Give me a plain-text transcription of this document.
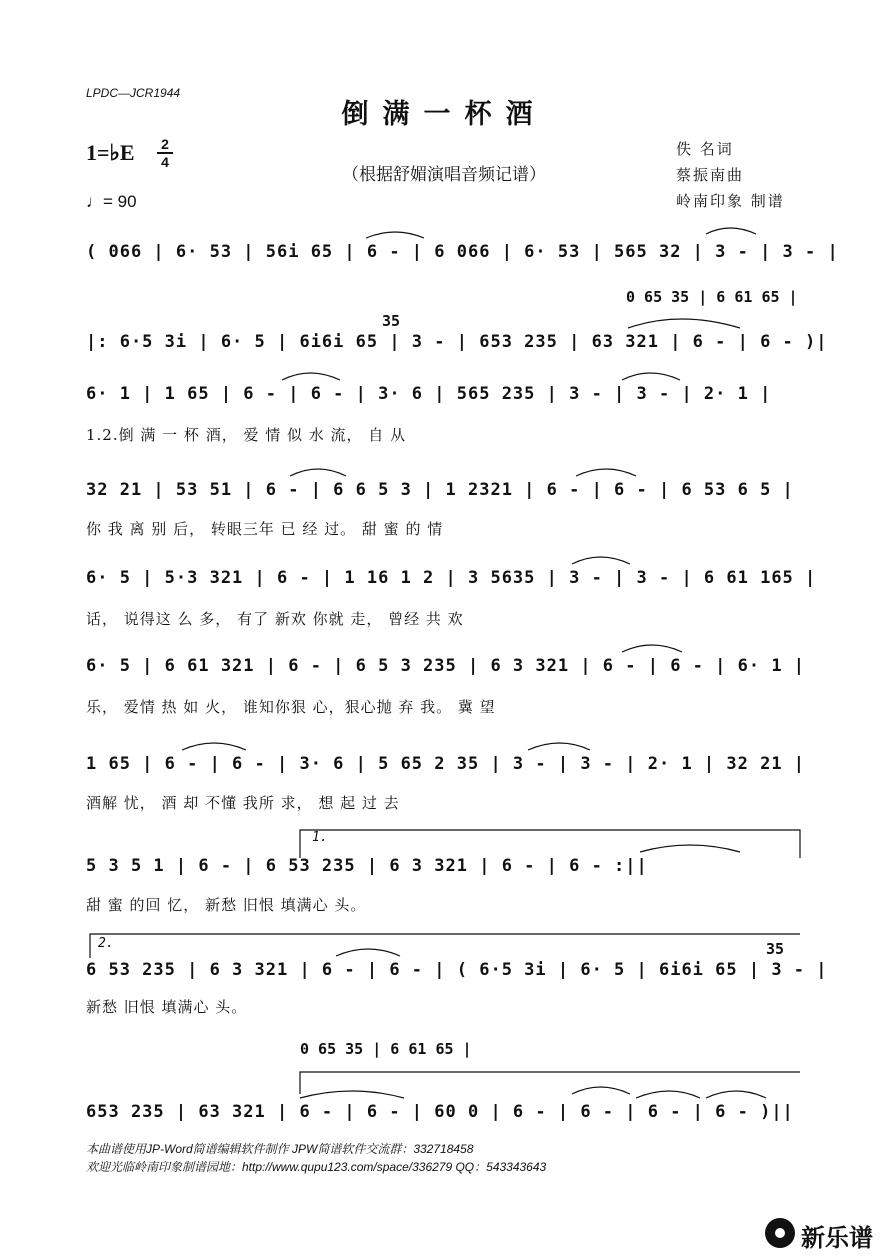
LPDC—JCR1944
倒满一杯酒
1=♭E 2
4
（根据舒媚演唱音频记谱）
♩= 90
佚 名词
蔡振南曲
岭南印象 制谱
( 066 | 6· 53 | 56i 65 | 6 - | 6 066 | 6· 53 | 565 32 | 3 - | 3 - |
0 65 35 | 6 61 65 |
35
|: 6·5 3i | 6· 5 | 6i6i 65 | 3 - | 653 235 | 63 321 | 6 - | 6 - )|
6· 1 | 1 65 | 6 - | 6 - | 3· 6 | 565 235 | 3 - | 3 - | 2· 1 |
1.2.倒 满 一 杯 酒， 爱 情 似 水 流， 自 从
32 21 | 53 51 | 6 - | 6 6 5 3 | 1 2321 | 6 - | 6 - | 6 53 6 5 |
你 我 离 别 后， 转眼三年 已 经 过。 甜 蜜 的 情
6· 5 | 5·3 321 | 6 - | 1 16 1 2 | 3 5635 | 3 - | 3 - | 6 61 165 |
话， 说得这 么 多， 有了 新欢 你就 走， 曾经 共 欢
6· 5 | 6 61 321 | 6 - | 6 5 3 235 | 6 3 321 | 6 - | 6 - | 6· 1 |
乐， 爱情 热 如 火， 谁知你狠 心，狠心抛 弃 我。 冀 望
1 65 | 6 - | 6 - | 3· 6 | 5 65 2 35 | 3 - | 3 - | 2· 1 | 32 21 |
酒解 忧， 酒 却 不懂 我所 求， 想 起 过 去
1.
5 3 5 1 | 6 - | 6 53 235 | 6 3 321 | 6 - | 6 - :||
甜 蜜 的回 忆， 新愁 旧恨 填满心 头。
2.	35
6 53 235 | 6 3 321 | 6 - | 6 - | ( 6·5 3i | 6· 5 | 6i6i 65 | 3 - |
新愁 旧恨 填满心 头。
0 65 35 | 6 61 65 |
653 235 | 63 321 | 6 - | 6 - | 60 0 | 6 - | 6 - | 6 - | 6 - )||
本曲谱使用JP-Word简谱编辑软件制作 JPW简谱软件交流群：332718458
欢迎光临岭南印象制谱园地：http://www.qupu123.com/space/336279 QQ：543343643
新乐谱
